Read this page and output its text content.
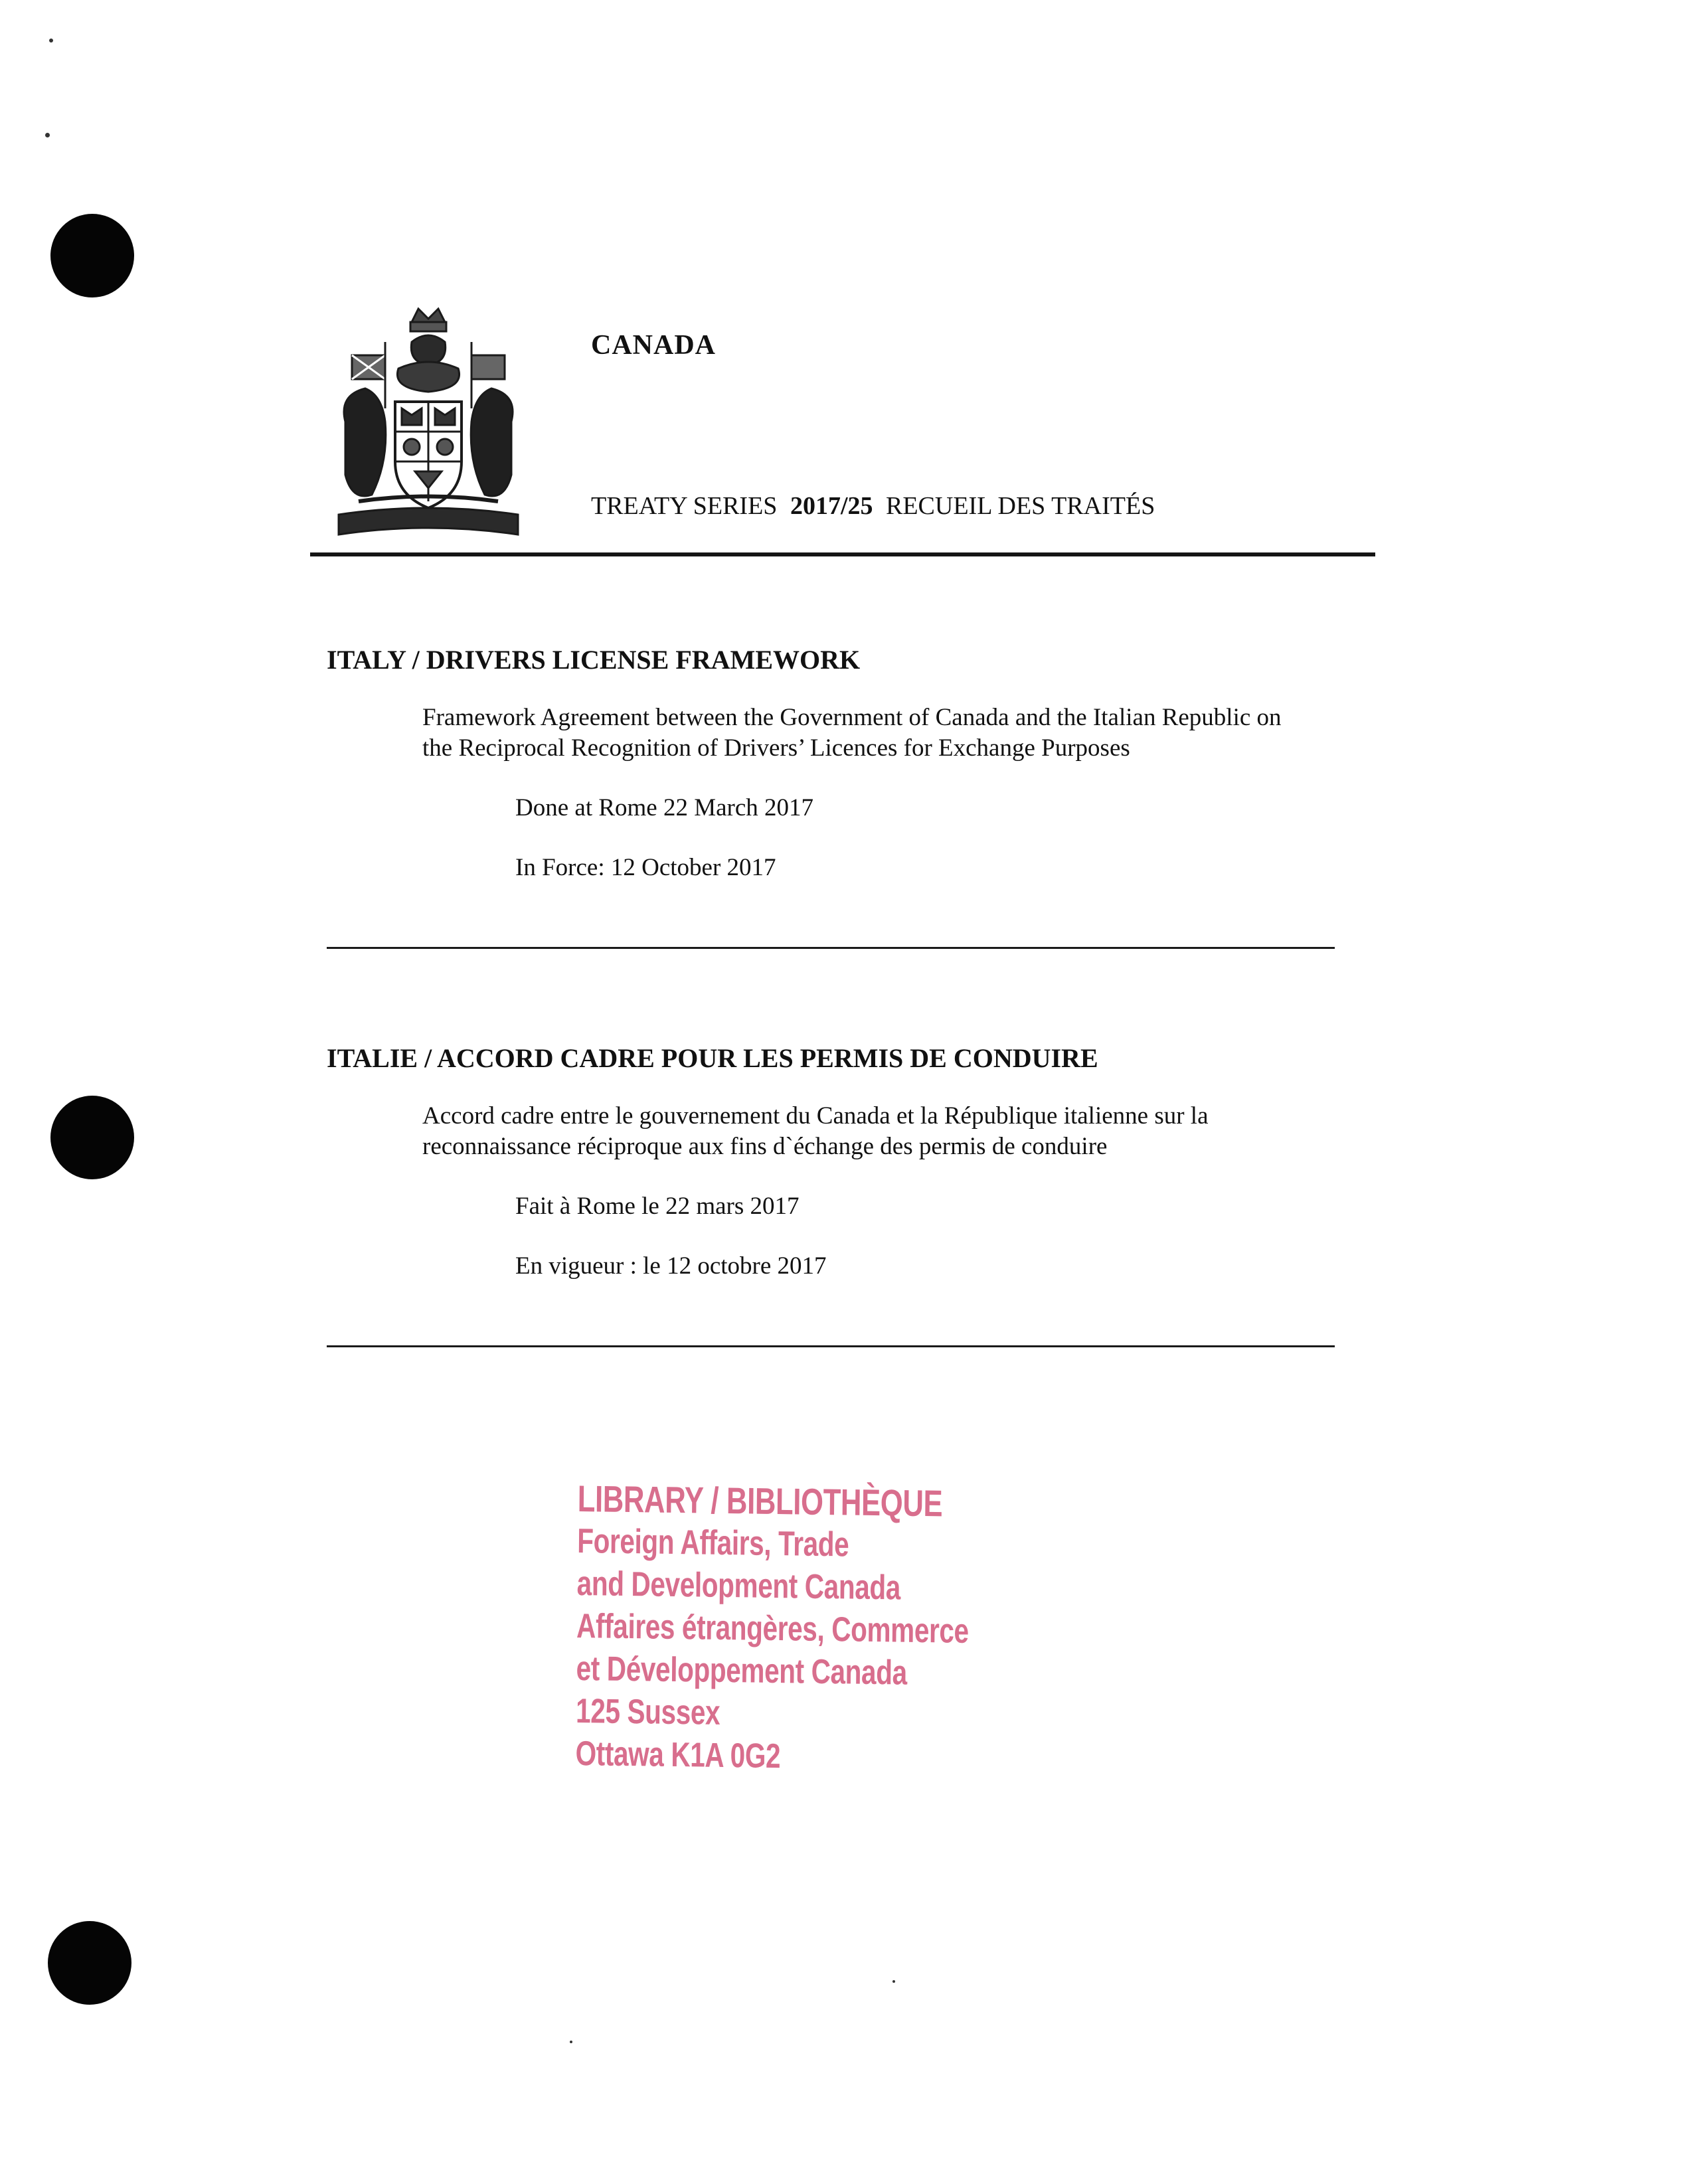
CANADA
TREATY SERIES 2017/25 RECUEIL DES TRAITÉS
ITALY / DRIVERS LICENSE FRAMEWORK
Framework Agreement between the Government of Canada and the Italian Republic on
the Reciprocal Recognition of Drivers’ Licences for Exchange Purposes
Done at Rome 22 March 2017
In Force: 12 October 2017
ITALIE / ACCORD CADRE POUR LES PERMIS DE CONDUIRE
Accord cadre entre le gouvernement du Canada et la République italienne sur la
reconnaissance réciproque aux fins d`échange des permis de conduire
Fait à Rome le 22 mars 2017
En vigueur : le 12 octobre 2017
LIBRARY / BIBLIOTHÈQUE
Foreign Affairs, Trade
and Development Canada
Affaires étrangères, Commerce
et Développement Canada
125 Sussex
Ottawa K1A 0G2
